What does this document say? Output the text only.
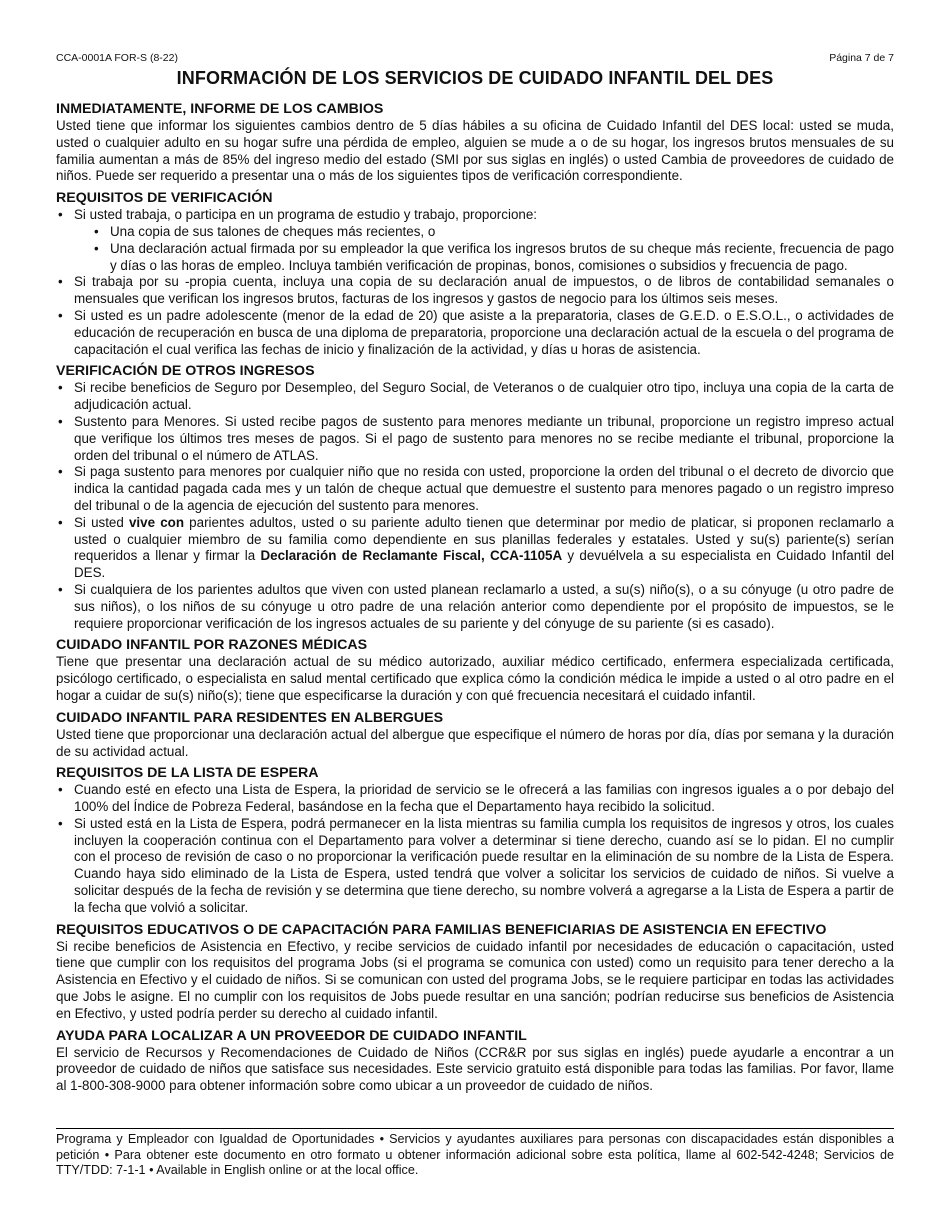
CCA-0001A FOR-S (8-22)	Página 7 de 7
INFORMACIÓN DE LOS SERVICIOS DE CUIDADO INFANTIL DEL DES
INMEDIATAMENTE, INFORME DE LOS CAMBIOS

Usted tiene que informar los siguientes cambios dentro de 5 días hábiles a su oficina de Cuidado Infantil del DES local: usted se muda, usted o cualquier adulto en su hogar sufre una pérdida de empleo, alguien se mude a o de su hogar, los ingresos brutos mensuales de su familia aumentan a más de 85% del ingreso medio del estado (SMI por sus siglas en inglés) o usted Cambia de proveedores de cuidado de niños. Puede ser requerido a presentar una o más de los siguientes tipos de verificación correspondiente.

REQUISITOS DE VERIFICACIÓN
• Si usted trabaja, o participa en un programa de estudio y trabajo, proporcione:
• Una copia de sus talones de cheques más recientes, o
• Una declaración actual firmada por su empleador la que verifica los ingresos brutos de su cheque más reciente, frecuencia de pago y días o las horas de empleo. Incluya también verificación de propinas, bonos, comisiones o subsidios y frecuencia de pago.
• Si trabaja por su -propia cuenta, incluya una copia de su declaración anual de impuestos, o de libros de contabilidad semanales o mensuales que verifican los ingresos brutos, facturas de los ingresos y gastos de negocio para los últimos seis meses.
• Si usted es un padre adolescente (menor de la edad de 20) que asiste a la preparatoria, clases de G.E.D. o E.S.O.L., o actividades de educación de recuperación en busca de una diploma de preparatoria, proporcione una declaración actual de la escuela o del programa de capacitación el cual verifica las fechas de inicio y finalización de la actividad, y días u horas de asistencia.
VERIFICACIÓN DE OTROS INGRESOS
• Si recibe beneficios de Seguro por Desempleo, del Seguro Social, de Veteranos o de cualquier otro tipo, incluya una copia de la carta de adjudicación actual.
• Sustento para Menores. Si usted recibe pagos de sustento para menores mediante un tribunal, proporcione un registro impreso actual que verifique los últimos tres meses de pagos. Si el pago de sustento para menores no se recibe mediante el tribunal, proporcione la orden del tribunal o el número de ATLAS.
• Si paga sustento para menores por cualquier niño que no resida con usted, proporcione la orden del tribunal o el decreto de divorcio que indica la cantidad pagada cada mes y un talón de cheque actual que demuestre el sustento para menores pagado o un registro impreso del tribunal o de la agencia de ejecución del sustento para menores.
• Si usted vive con parientes adultos, usted o su pariente adulto tienen que determinar por medio de platicar, si proponen reclamarlo a usted o cualquier miembro de su familia como dependiente en sus planillas federales y estatales. Usted y su(s) pariente(s) serían requeridos a llenar y firmar la Declaración de Reclamante Fiscal, CCA-1105A y devuélvela a su especialista en Cuidado Infantil del DES.
• Si cualquiera de los parientes adultos que viven con usted planean reclamarlo a usted, a su(s) niño(s), o a su cónyuge (u otro padre de sus niños), o los niños de su cónyuge u otro padre de una relación anterior como dependiente por el propósito de impuestos, se le requiere proporcionar verificación de los ingresos actuales de su pariente y del cónyuge de su pariente (si es casado).
CUIDADO INFANTIL POR RAZONES MÉDICAS

Tiene que presentar una declaración actual de su médico autorizado, auxiliar médico certificado, enfermera especializada certificada, psicólogo certificado, o especialista en salud mental certificado que explica cómo la condición médica le impide a usted o al otro padre en el hogar a cuidar de su(s) niño(s); tiene que especificarse la duración y con qué frecuencia necesitará el cuidado infantil.

CUIDADO INFANTIL PARA RESIDENTES EN ALBERGUES

Usted tiene que proporcionar una declaración actual del albergue que especifique el número de horas por día, días por semana y la duración de su actividad actual.

REQUISITOS DE LA LISTA DE ESPERA
• Cuando esté en efecto una Lista de Espera, la prioridad de servicio se le ofrecerá a las familias con ingresos iguales a o por debajo del 100% del Índice de Pobreza Federal, basándose en la fecha que el Departamento haya recibido la solicitud.
• Si usted está en la Lista de Espera, podrá permanecer en la lista mientras su familia cumpla los requisitos de ingresos y otros, los cuales incluyen la cooperación continua con el Departamento para volver a determinar si tiene derecho, cuando así se lo pidan. El no cumplir con el proceso de revisión de caso o no proporcionar la verificación puede resultar en la eliminación de su nombre de la Lista de Espera. Cuando haya sido eliminado de la Lista de Espera, usted tendrá que volver a solicitar los servicios de cuidado de niños. Si vuelve a solicitar después de la fecha de revisión y se determina que tiene derecho, su nombre volverá a agregarse a la Lista de Espera a partir de la fecha que volvió a solicitar.
REQUISITOS EDUCATIVOS O DE CAPACITACIÓN PARA FAMILIAS BENEFICIARIAS DE ASISTENCIA EN EFECTIVO

Si recibe beneficios de Asistencia en Efectivo, y recibe servicios de cuidado infantil por necesidades de educación o capacitación, usted tiene que cumplir con los requisitos del programa Jobs (si el programa se comunica con usted) como un requisito para tener derecho a la Asistencia en Efectivo y el cuidado de niños. Si se comunican con usted del programa Jobs, se le requiere participar en todas las actividades que Jobs le asigne. El no cumplir con los requisitos de Jobs puede resultar en una sanción; podrían reducirse sus beneficios de Asistencia en Efectivo, y usted podría perder su derecho al cuidado infantil.

AYUDA PARA LOCALIZAR A UN PROVEEDOR DE CUIDADO INFANTIL

El servicio de Recursos y Recomendaciones de Cuidado de Niños (CCR&R por sus siglas en inglés) puede ayudarle a encontrar a un proveedor de cuidado de niños que satisface sus necesidades. Este servicio gratuito está disponible para todas las familias. Por favor, llame al 1-800-308-9000 para obtener información sobre como ubicar a un proveedor de cuidado de niños.

Programa y Empleador con Igualdad de Oportunidades • Servicios y ayudantes auxiliares para personas con discapacidades están disponibles a petición • Para obtener este documento en otro formato u obtener información adicional sobre esta política, llame al 602-542-4248; Servicios de TTY/TDD: 7-1-1 • Available in English online or at the local office.
